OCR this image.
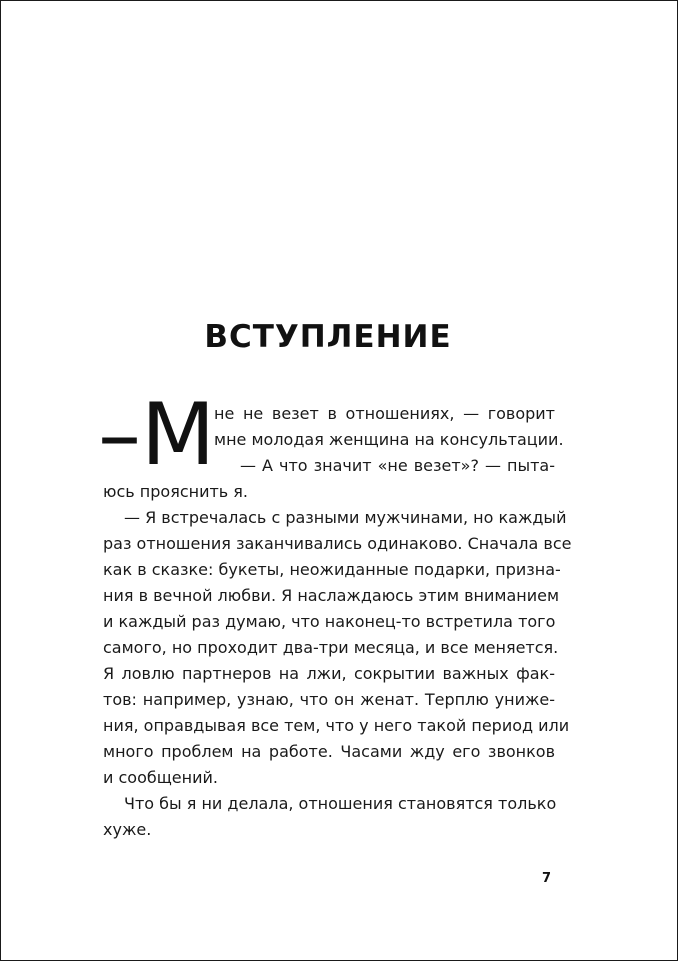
ВСТУПЛЕНИЕ
–М

не не везет в отношениях, — говорит

мне молодая женщина на консультации.

— А что значит «не везет»? — пыта-

юсь прояснить я.

— Я встречалась с разными мужчинами, но каждый

раз отношения заканчивались одинаково. Сначала все

как в сказке: букеты, неожиданные подарки, призна-

ния в вечной любви. Я наслаждаюсь этим вниманием

и каждый раз думаю, что наконец-то встретила того

самого, но проходит два-три месяца, и все меняется.

Я ловлю партнеров на лжи, сокрытии важных фак-

тов: например, узнаю, что он женат. Терплю униже-

ния, оправдывая все тем, что у него такой период или

много проблем на работе. Часами жду его звонков

и сообщений.

Что бы я ни делала, отношения становятся только

хуже.

7
